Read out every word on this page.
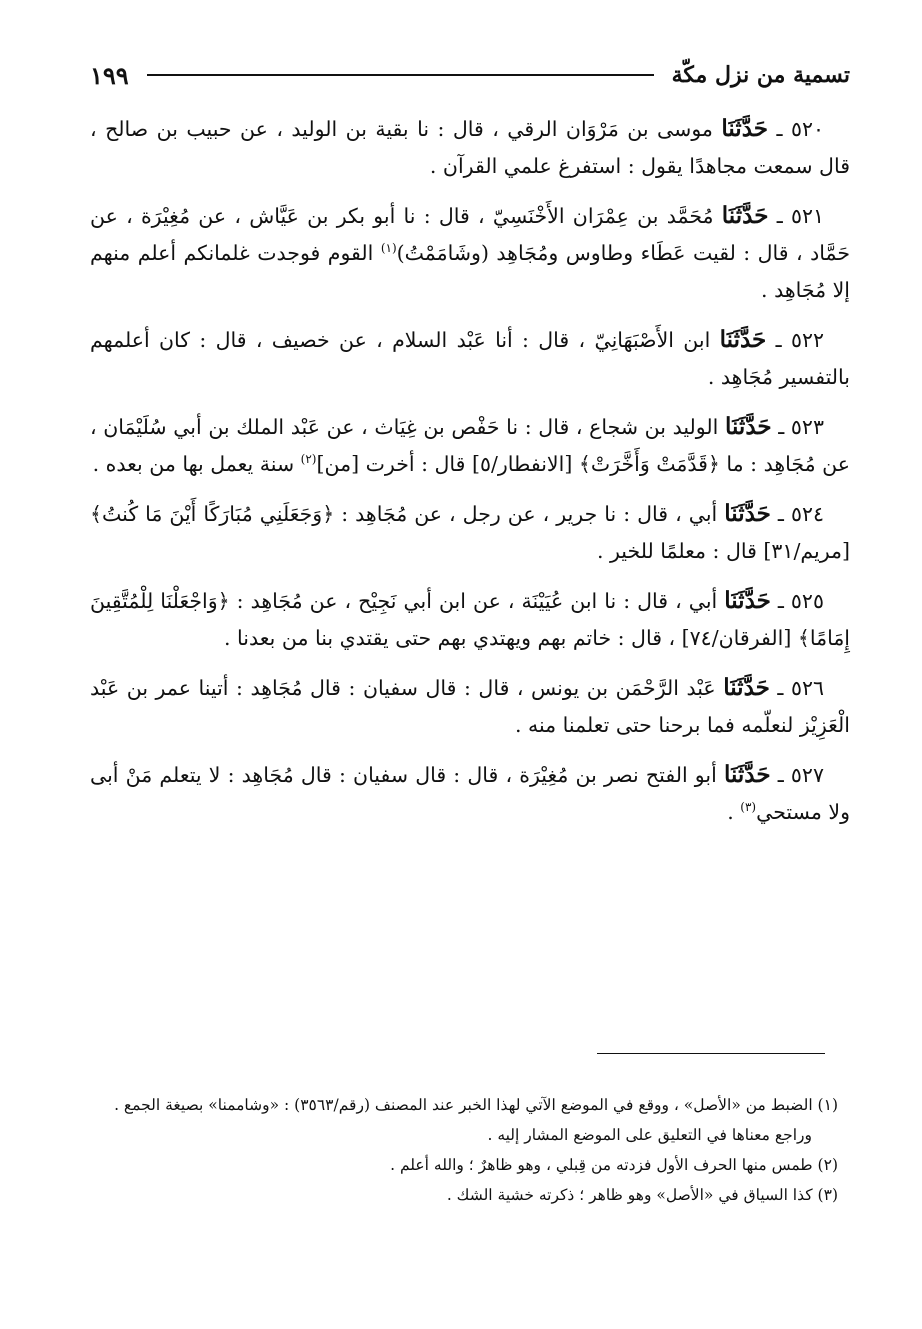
تسمية من نزل مكّة
١٩٩

٥٢٠ ـ حَدَّثَنَا موسى بن مَرْوَان الرقي ، قال : نا بقية بن الوليد ، عن حبيب بن صالح ، قال سمعت مجاهدًا يقول : استفرغ علمي القرآن .

٥٢١ ـ حَدَّثَنَا مُحَمَّد بن عِمْرَان الأَخْنَسِيّ ، قال : نا أبو بكر بن عَيَّاش ، عن مُغِيْرَة ، عن حَمَّاد ، قال : لقيت عَطَاء وطاوس ومُجَاهِد (وشَامَمْتُ)$^{(١)}$ القوم فوجدت غلمانكم أعلم منهم إلا مُجَاهِد .

٥٢٢ ـ حَدَّثَنَا ابن الأَصْبَهَانِيّ ، قال : أنا عَبْد السلام ، عن خصيف ، قال : كان أعلمهم بالتفسير مُجَاهِد .

٥٢٣ ـ حَدَّثَنَا الوليد بن شجاع ، قال : نا حَفْص بن غِيَاث ، عن عَبْد الملك بن أبي سُلَيْمَان ، عن مُجَاهِد : ما ﴿قَدَّمَتْ وَأَخَّرَتْ﴾ [الانفطار/٥] قال : أخرت [من]$^{(٢)}$ سنة يعمل بها من بعده .

٥٢٤ ـ حَدَّثَنَا أبي ، قال : نا جرير ، عن رجل ، عن مُجَاهِد : ﴿وَجَعَلَنِي مُبَارَكًا أَيْنَ مَا كُنتُ﴾ [مريم/٣١] قال : معلمًا للخير .

٥٢٥ ـ حَدَّثَنَا أبي ، قال : نا ابن عُيَيْنَة ، عن ابن أبي نَجِيْح ، عن مُجَاهِد : ﴿وَاجْعَلْنَا لِلْمُتَّقِينَ إِمَامًا﴾ [الفرقان/٧٤] ، قال : خاتم بهم ويهتدي بهم حتى يقتدي بنا من بعدنا .

٥٢٦ ـ حَدَّثَنَا عَبْد الرَّحْمَن بن يونس ، قال : قال سفيان : قال مُجَاهِد : أتينا عمر بن عَبْد الْعَزِيْز لنعلّمه فما برحنا حتى تعلمنا منه .

٥٢٧ ـ حَدَّثَنَا أبو الفتح نصر بن مُغِيْرَة ، قال : قال سفيان : قال مُجَاهِد : لا يتعلم مَنْ أبى ولا مستحي$^{(٣)}$ .

(١) الضبط من «الأصل» ، ووقع في الموضع الآتي لهذا الخبر عند المصنف (رقم/٣٥٦٣) : «وشاممنا» بصيغة الجمع .

وراجع معناها في التعليق على الموضع المشار إليه .

(٢) طمس منها الحرف الأول فزدته من قِبلي ، وهو ظاهرٌ ؛ والله أعلم .

(٣) كذا السياق في «الأصل» وهو ظاهر ؛ ذكرته خشية الشك .
